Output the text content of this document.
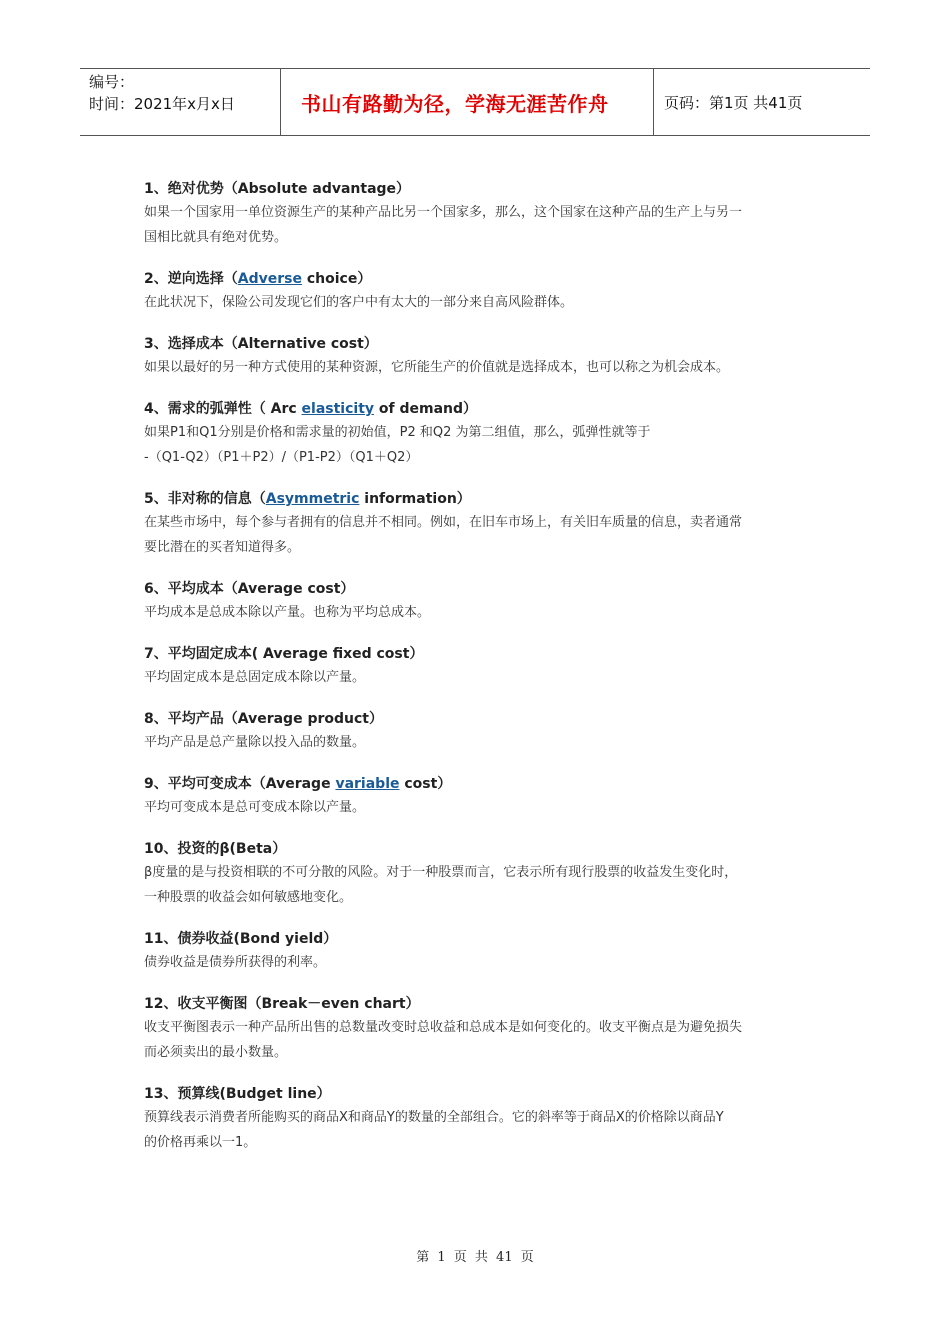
编号：
时间：2021年x月x日	书山有路勤为径，学海无涯苦作舟	页码：第1页 共41页
1、绝对优势（Absolute advantage）
如果一个国家用一单位资源生产的某种产品比另一个国家多，那么，这个国家在这种产品的生产上与另一
国相比就具有绝对优势。
2、逆向选择（Adverse choice）
在此状况下，保险公司发现它们的客户中有太大的一部分来自高风险群体。
3、选择成本（Alternative cost）
如果以最好的另一种方式使用的某种资源，它所能生产的价值就是选择成本，也可以称之为机会成本。
4、需求的弧弹性（ Arc elasticity of demand）
如果P1和Q1分别是价格和需求量的初始值，P2 和Q2 为第二组值，那么，弧弹性就等于
-（Q1-Q2）（P1＋P2）/（P1-P2）（Q1＋Q2）
5、非对称的信息（Asymmetric information）
在某些市场中，每个参与者拥有的信息并不相同。例如，在旧车市场上，有关旧车质量的信息，卖者通常
要比潜在的买者知道得多。
6、平均成本（Average cost）
平均成本是总成本除以产量。也称为平均总成本。
7、平均固定成本( Average fixed cost）
平均固定成本是总固定成本除以产量。
8、平均产品（Average product）
平均产品是总产量除以投入品的数量。
9、平均可变成本（Average variable cost）
平均可变成本是总可变成本除以产量。
10、投资的β(Beta）
β度量的是与投资相联的不可分散的风险。对于一种股票而言，它表示所有现行股票的收益发生变化时，
一种股票的收益会如何敏感地变化。
11、债券收益(Bond yield）
债券收益是债券所获得的利率。
12、收支平衡图（Break－even chart）
收支平衡图表示一种产品所出售的总数量改变时总收益和总成本是如何变化的。收支平衡点是为避免损失
而必须卖出的最小数量。
13、预算线(Budget line）
预算线表示消费者所能购买的商品X和商品Y的数量的全部组合。它的斜率等于商品X的价格除以商品Y
的价格再乘以一1。
第 1 页 共 41 页
